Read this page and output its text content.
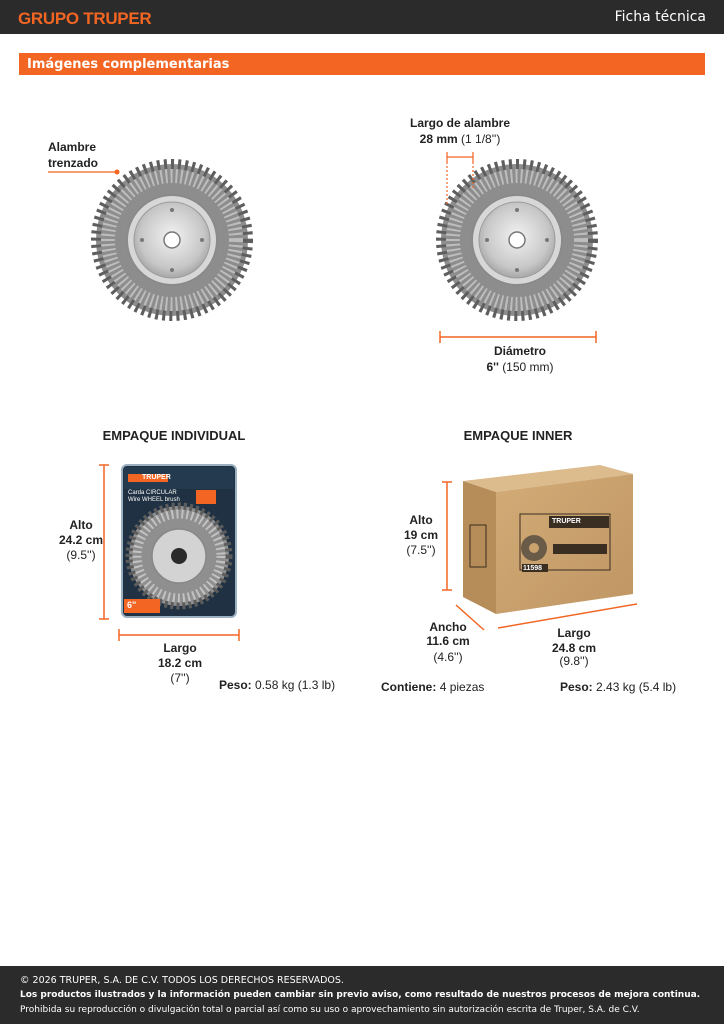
GRUPO TRUPER	Ficha técnica
Imágenes complementarias
Alambre
trenzado
Largo de alambre
28 mm (1 1/8'')
Diámetro
6'' (150 mm)
EMPAQUE INDIVIDUAL
Alto
24.2 cm
(9.5'')
Largo
18.2 cm
(7'')	Peso: 0.58 kg (1.3 lb)
TRUPER
Carda CIRCULAR
Wire WHEEL brush
6"
EMPAQUE INNER
Alto
19 cm
(7.5'')
Ancho
11.6 cm
(4.6'')
Largo
24.8 cm
(9.8'')
Contiene: 4 piezas	Peso: 2.43 kg (5.4 lb)
TRUPER
11598
© 2026 TRUPER, S.A. DE C.V. TODOS LOS DERECHOS RESERVADOS.
Los productos ilustrados y la información pueden cambiar sin previo aviso, como resultado de nuestros procesos de mejora continua.
Prohibida su reproducción o divulgación total o parcial así como su uso o aprovechamiento sin autorización escrita de Truper, S.A. de C.V.
